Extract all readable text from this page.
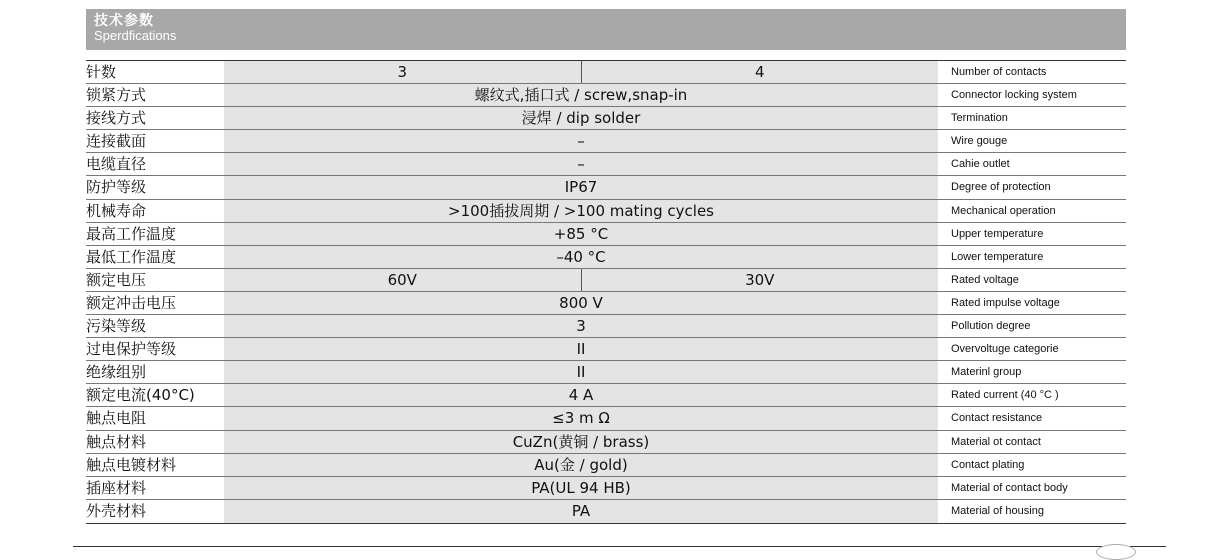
技术参数
Sperdfications
针数	3	4	Number of contacts
锁紧方式	螺纹式,插口式 / screw,snap-in	Connector locking system
接线方式	浸焊 / dip solder	Termination
连接截面	–	Wire gouge
电缆直径	–	Cahie outlet
防护等级	IP67	Degree of protection
机械寿命	>100插拔周期 / >100 mating cycles	Mechanical operation
最高工作温度	+85 °C	Upper temperature
最低工作温度	–40 °C	Lower temperature
额定电压	60V	30V	Rated voltage
额定冲击电压	800 V	Rated impulse voltage
污染等级	3	Pollution degree
过电保护等级	II	Overvoltuge categorie
绝缘组别	II	Materinl group
额定电流(40°C)	4 A	Rated current (40 °C )
触点电阻	≤3 m Ω	Contact resistance
触点材料	CuZn(黄铜 / brass)	Material ot contact
触点电镀材料	Au(金 / gold)	Contact plating
插座材料	PA(UL 94 HB)	Material of contact body
外壳材料	PA	Material of housing
